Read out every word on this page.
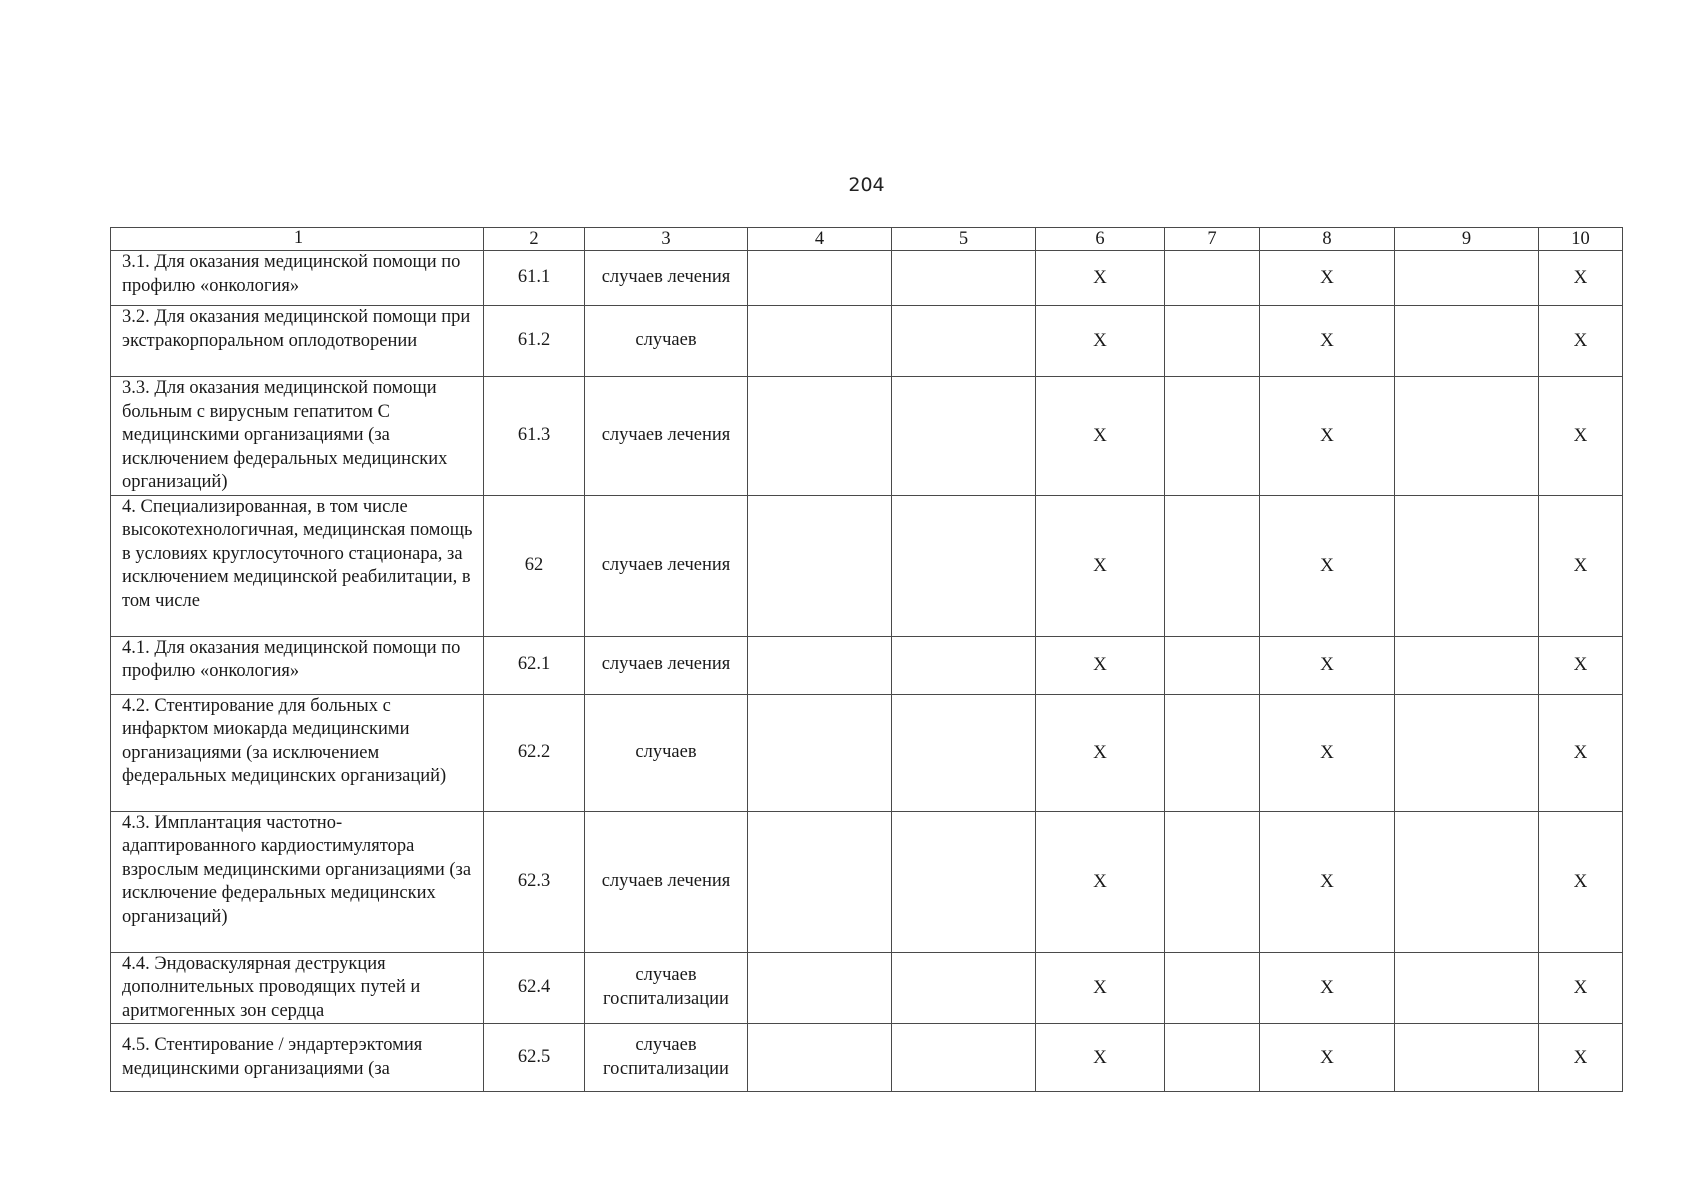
204
1	2	3	4	5	6	7	8	9	10
3.1. Для оказания медицинской помощи по профилю «онкология»	61.1	случаев лечения			X		X		X
3.2. Для оказания медицинской помощи при экстракорпоральном оплодотворении	61.2	случаев			X		X		X
3.3. Для оказания медицинской помощи больным с вирусным гепатитом С медицинскими организациями (за исключением федеральных медицинских организаций)	61.3	случаев лечения			X		X		X
4. Специализированная, в том числе высокотехнологичная, медицинская помощь в условиях круглосуточного стационара, за исключением медицинской реабилитации, в том числе	62	случаев лечения			X		X		X
4.1. Для оказания медицинской помощи по профилю «онкология»	62.1	случаев лечения			X		X		X
4.2. Стентирование для больных с инфарктом миокарда медицинскими организациями (за исключением федеральных медицинских организаций)	62.2	случаев			X		X		X
4.3. Имплантация частотно-адаптированного кардиостимулятора взрослым медицинскими организациями (за исключение федеральных медицинских организаций)	62.3	случаев лечения			X		X		X
4.4. Эндоваскулярная деструкция дополнительных проводящих путей и аритмогенных зон сердца	62.4	случаев госпитализации			X		X		X
4.5. Стентирование / эндартерэктомия медицинскими организациями (за	62.5	случаев госпитализации			X		X		X
